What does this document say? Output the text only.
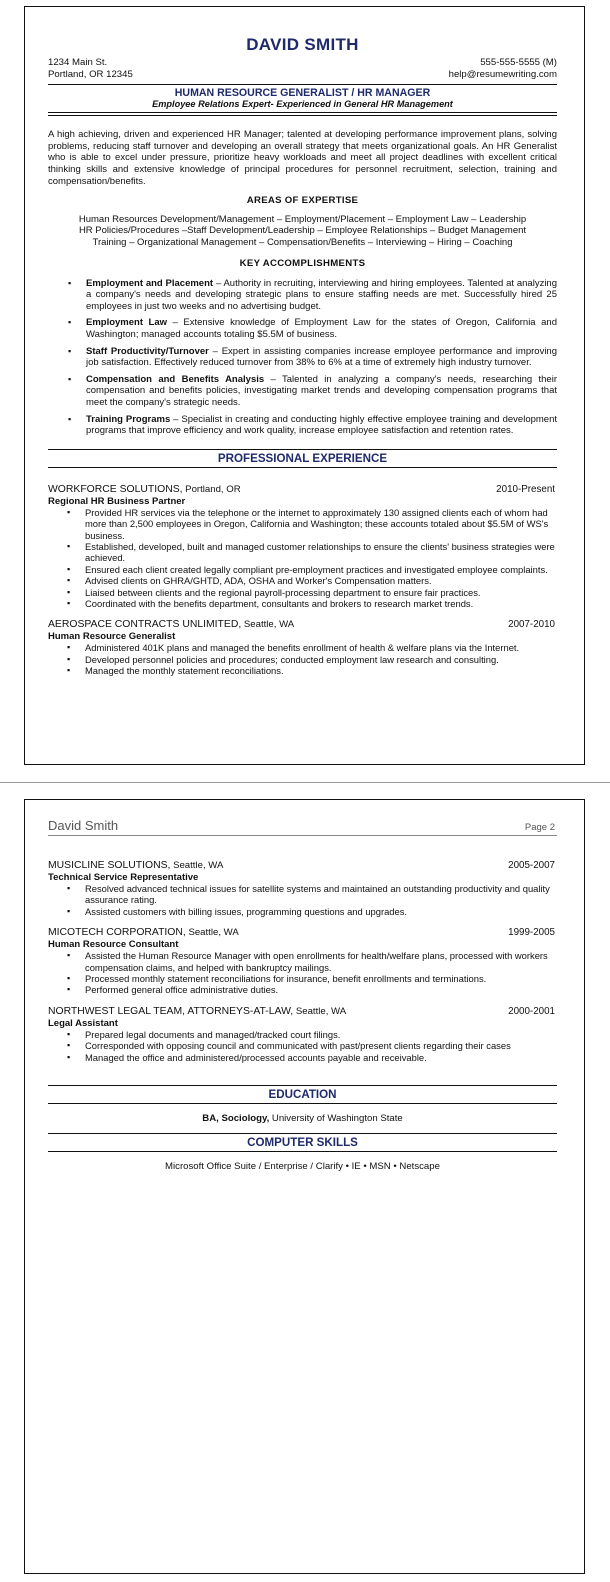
DAVID SMITH
1234 Main St.
Portland, OR 12345
555-555-5555 (M)
help@resumewriting.com
HUMAN RESOURCE GENERALIST / HR MANAGER
Employee Relations Expert- Experienced in General HR Management
A high achieving, driven and experienced HR Manager; talented at developing performance improvement plans, solving problems, reducing staff turnover and developing an overall strategy that meets organizational goals. An HR Generalist who is able to excel under pressure, prioritize heavy workloads and meet all project deadlines with excellent critical thinking skills and extensive knowledge of principal procedures for personnel recruitment, selection, training and compensation/benefits.
AREAS OF EXPERTISE
Human Resources Development/Management – Employment/Placement – Employment Law – Leadership
HR Policies/Procedures –Staff Development/Leadership – Employee Relationships – Budget Management
Training – Organizational Management – Compensation/Benefits – Interviewing – Hiring – Coaching
KEY ACCOMPLISHMENTS
▪ Employment and Placement – Authority in recruiting, interviewing and hiring employees. Talented at analyzing a company's needs and developing strategic plans to ensure staffing needs are met. Successfully hired 25 employees in just two weeks and no advertising budget.
▪ Employment Law – Extensive knowledge of Employment Law for the states of Oregon, California and Washington; managed accounts totaling $5.5M of business.
▪ Staff Productivity/Turnover – Expert in assisting companies increase employee performance and improving job satisfaction. Effectively reduced turnover from 38% to 6% at a time of extremely high industry turnover.
▪ Compensation and Benefits Analysis – Talented in analyzing a company's needs, researching their compensation and benefits policies, investigating market trends and developing compensation programs that meet the company's strategic needs.
▪ Training Programs – Specialist in creating and conducting highly effective employee training and development programs that improve efficiency and work quality, increase employee satisfaction and retention rates.
PROFESSIONAL EXPERIENCE
WORKFORCE SOLUTIONS, Portland, OR	2010-Present
Regional HR Business Partner
▪ Provided HR services via the telephone or the internet to approximately 130 assigned clients each of whom had more than 2,500 employees in Oregon, California and Washington; these accounts totaled about $5.5M of WS's business.
▪ Established, developed, built and managed customer relationships to ensure the clients' business strategies were achieved.
▪ Ensured each client created legally compliant pre-employment practices and investigated employee complaints.
▪ Advised clients on GHRA/GHTD, ADA, OSHA and Worker's Compensation matters.
▪ Liaised between clients and the regional payroll-processing department to ensure fair practices.
▪ Coordinated with the benefits department, consultants and brokers to research market trends.
AEROSPACE CONTRACTS UNLIMITED, Seattle, WA	2007-2010
Human Resource Generalist
▪ Administered 401K plans and managed the benefits enrollment of health & welfare plans via the Internet.
▪ Developed personnel policies and procedures; conducted employment law research and consulting.
▪ Managed the monthly statement reconciliations.
David Smith	Page 2
MUSICLINE SOLUTIONS, Seattle, WA	2005-2007
Technical Service Representative
▪ Resolved advanced technical issues for satellite systems and maintained an outstanding productivity and quality assurance rating.
▪ Assisted customers with billing issues, programming questions and upgrades.
MICOTECH CORPORATION, Seattle, WA	1999-2005
Human Resource Consultant
▪ Assisted the Human Resource Manager with open enrollments for health/welfare plans, processed with workers compensation claims, and helped with bankruptcy mailings.
▪ Processed monthly statement reconciliations for insurance, benefit enrollments and terminations.
▪ Performed general office administrative duties.
NORTHWEST LEGAL TEAM, ATTORNEYS-AT-LAW, Seattle, WA	2000-2001
Legal Assistant
▪ Prepared legal documents and managed/tracked court filings.
▪ Corresponded with opposing council and communicated with past/present clients regarding their cases
▪ Managed the office and administered/processed accounts payable and receivable.
EDUCATION
BA, Sociology, University of Washington State
COMPUTER SKILLS
Microsoft Office Suite / Enterprise / Clarify • IE • MSN • Netscape
